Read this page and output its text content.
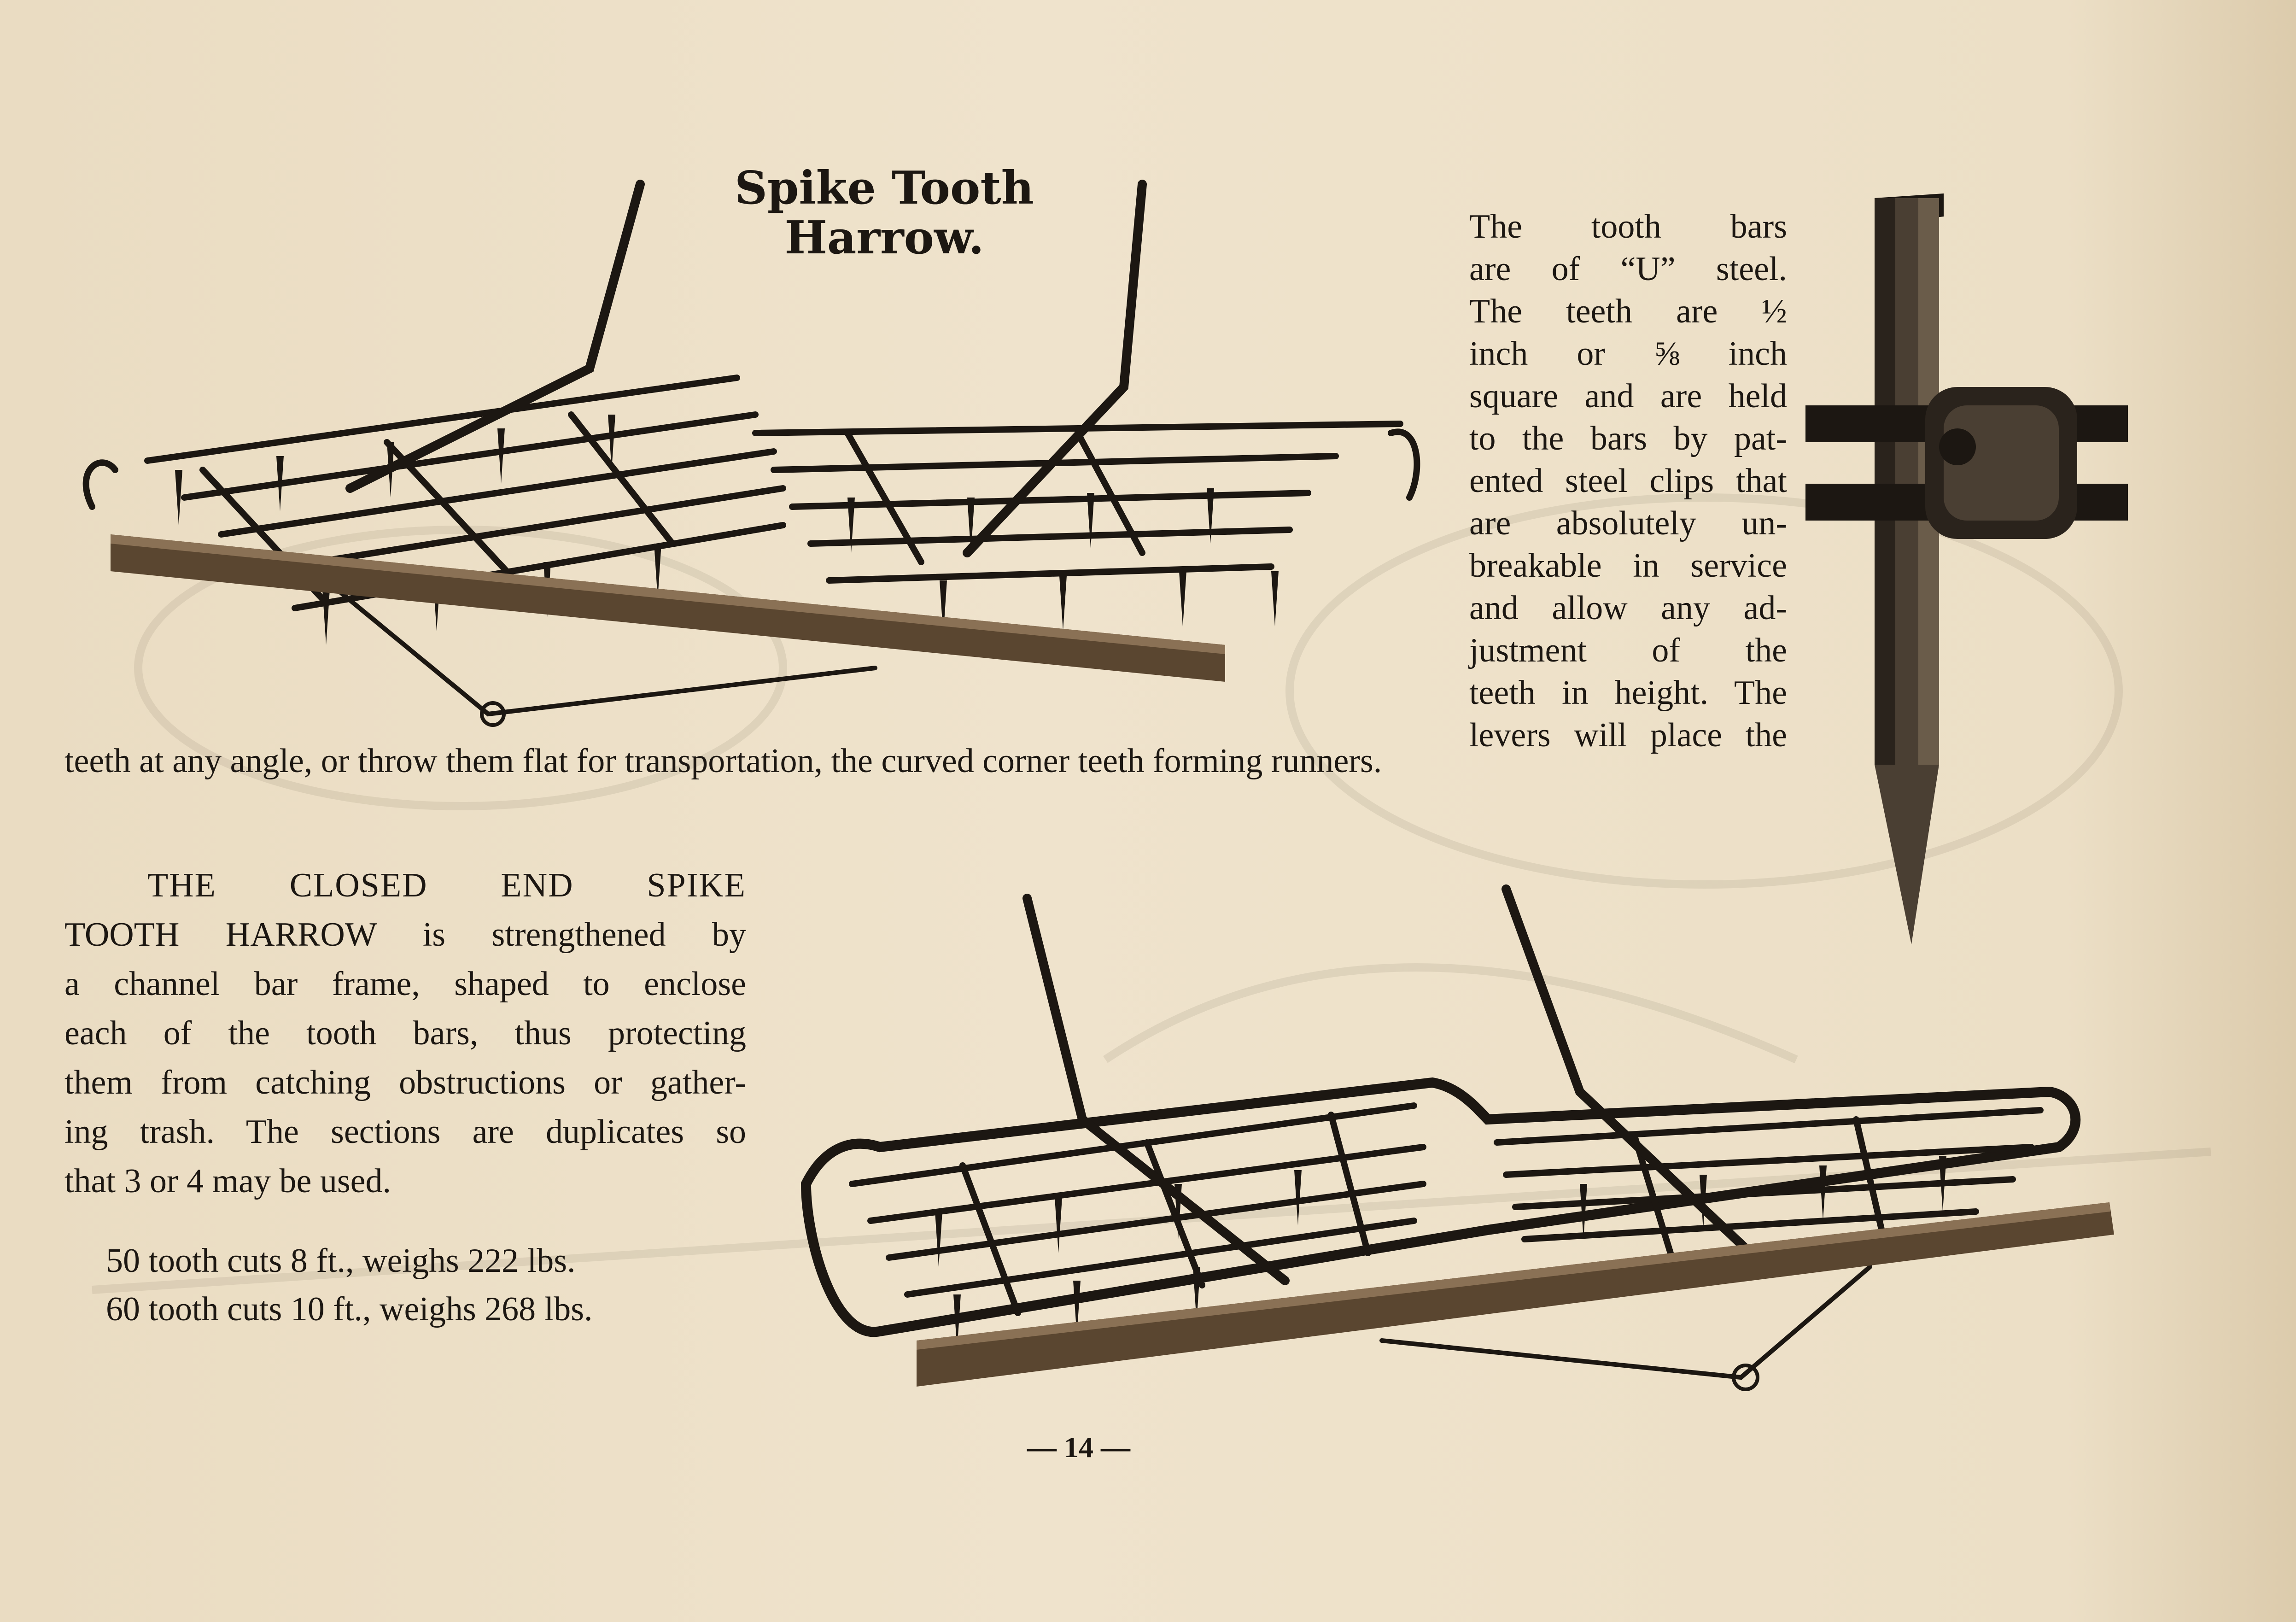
Spike Tooth
Harrow.	The tooth bars
are of “U” steel.
The teeth are ½
inch or ⅝ inch
square and are held
to the bars by pat-
ented steel clips that
are absolutely un-
breakable in service
and allow any ad-
justment of the
teeth in height. The
levers will place the
teeth at any angle, or throw them flat for transportation, the curved corner teeth forming runners.
THE CLOSED END SPIKE
TOOTH HARROW is strengthened by
a channel bar frame, shaped to enclose
each of the tooth bars, thus protecting
them from catching obstructions or gather-
ing trash. The sections are duplicates so
that 3 or 4 may be used.
50 tooth cuts 8 ft., weighs 222 lbs.
60 tooth cuts 10 ft., weighs 268 lbs.
— 14 —
